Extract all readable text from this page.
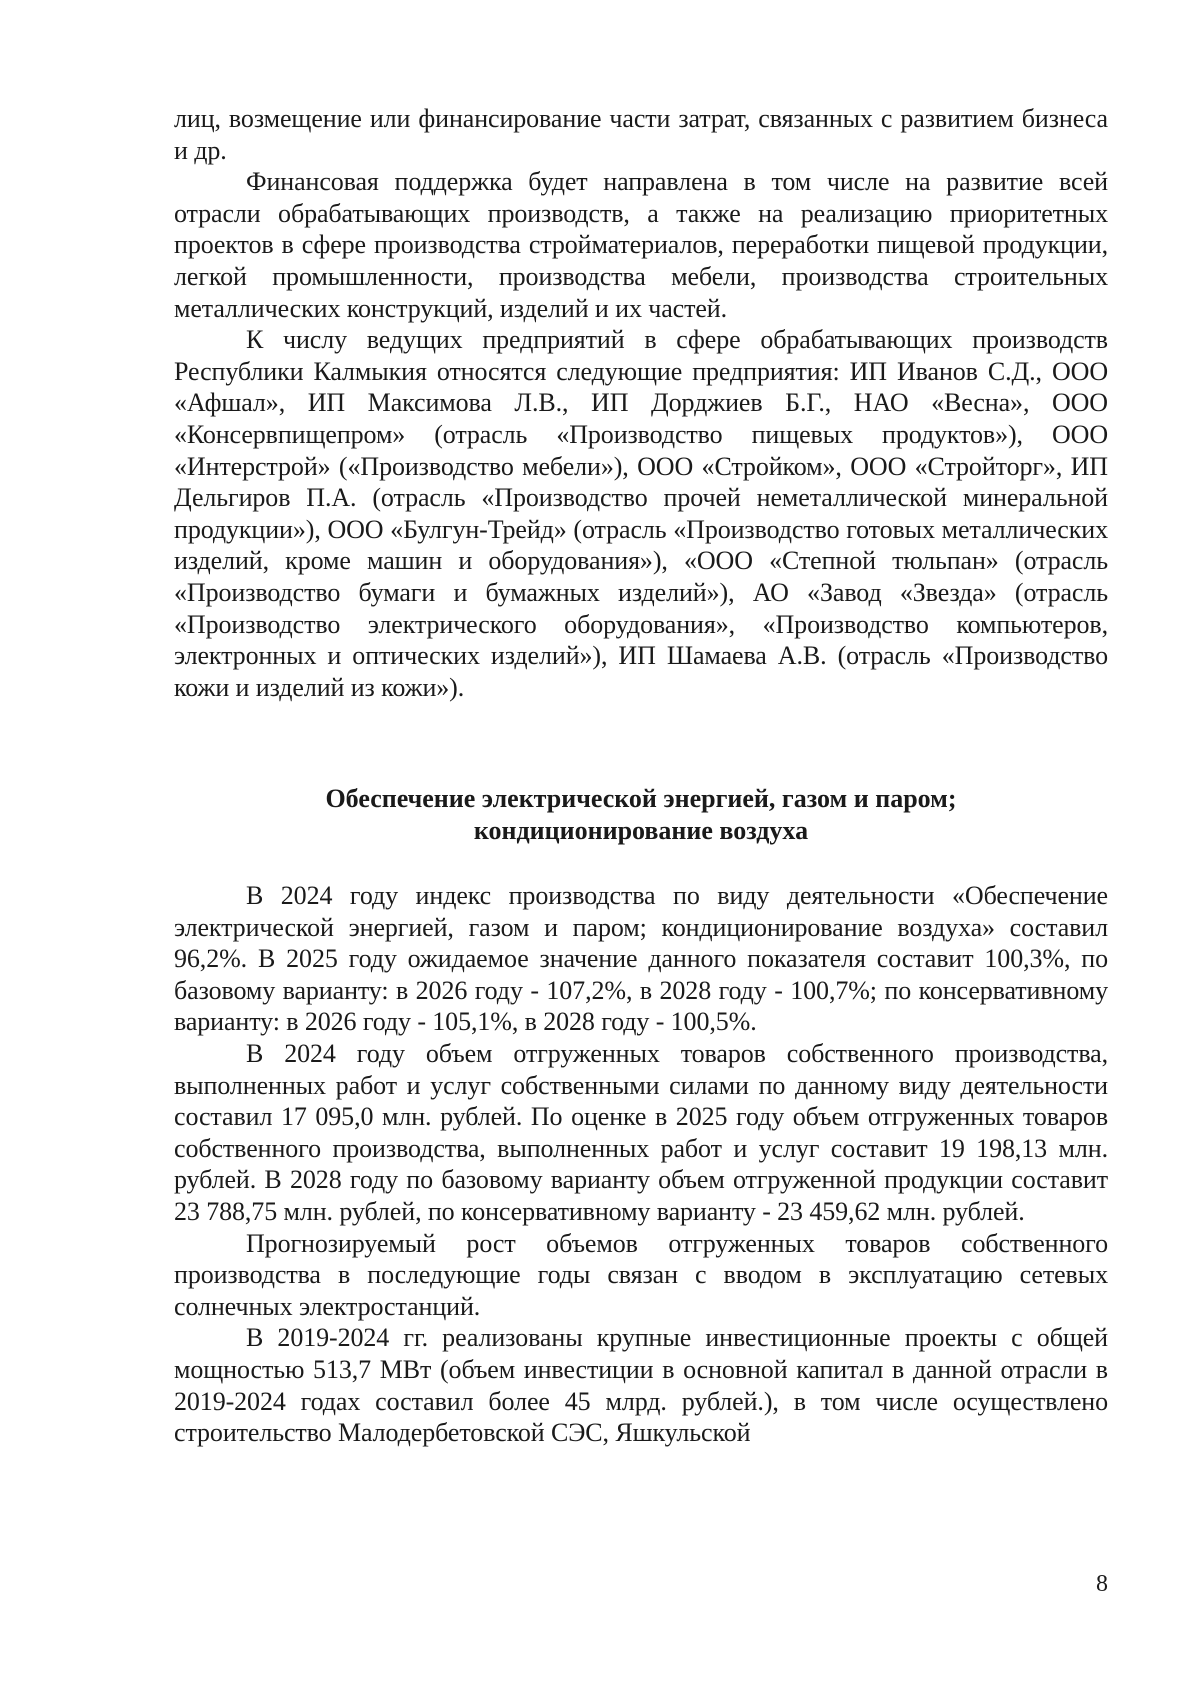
лиц, возмещение или финансирование части затрат, связанных с развитием бизнеса и др.

Финансовая поддержка будет направлена в том числе на развитие всей отрасли обрабатывающих производств, а также на реализацию приоритетных проектов в сфере производства стройматериалов, переработки пищевой продукции, легкой промышленности, производства мебели, производства строительных металлических конструкций, изделий и их частей.

К числу ведущих предприятий в сфере обрабатывающих производств Республики Калмыкия относятся следующие предприятия: ИП Иванов С.Д., ООО «Афшал», ИП Максимова Л.В., ИП Дорджиев Б.Г., НАО «Весна», ООО «Консервпищепром» (отрасль «Производство пищевых продуктов»), ООО «Интерстрой» («Производство мебели»), ООО «Стройком», ООО «Стройторг», ИП Дельгиров П.А. (отрасль «Производство прочей неметаллической минеральной продукции»), ООО «Булгун-Трейд» (отрасль «Производство готовых металлических изделий, кроме машин и оборудования»), «ООО «Степной тюльпан» (отрасль «Производство бумаги и бумажных изделий»), АО «Завод «Звезда» (отрасль «Производство электрического оборудования», «Производство компьютеров, электронных и оптических изделий»), ИП Шамаева А.В. (отрасль «Производство кожи и изделий из кожи»).

Обеспечение электрической энергией, газом и паром;
кондиционирование воздуха

В 2024 году индекс производства по виду деятельности «Обеспечение электрической энергией, газом и паром; кондиционирование воздуха» составил 96,2%. В 2025 году ожидаемое значение данного показателя составит 100,3%, по базовому варианту: в 2026 году - 107,2%, в 2028 году - 100,7%; по консервативному варианту: в 2026 году - 105,1%, в 2028 году - 100,5%.

В 2024 году объем отгруженных товаров собственного производства, выполненных работ и услуг собственными силами по данному виду деятельности составил 17 095,0 млн. рублей. По оценке в 2025 году объем отгруженных товаров собственного производства, выполненных работ и услуг составит 19 198,13 млн. рублей. В 2028 году по базовому варианту объем отгруженной продукции составит 23 788,75 млн. рублей, по консервативному варианту - 23 459,62 млн. рублей.

Прогнозируемый рост объемов отгруженных товаров собственного производства в последующие годы связан с вводом в эксплуатацию сетевых солнечных электростанций.

В 2019-2024 гг. реализованы крупные инвестиционные проекты с общей мощностью 513,7 МВт (объем инвестиции в основной капитал в данной отрасли в 2019-2024 годах составил более 45 млрд. рублей.), в том числе осуществлено строительство Малодербетовской СЭС, Яшкульской

8
